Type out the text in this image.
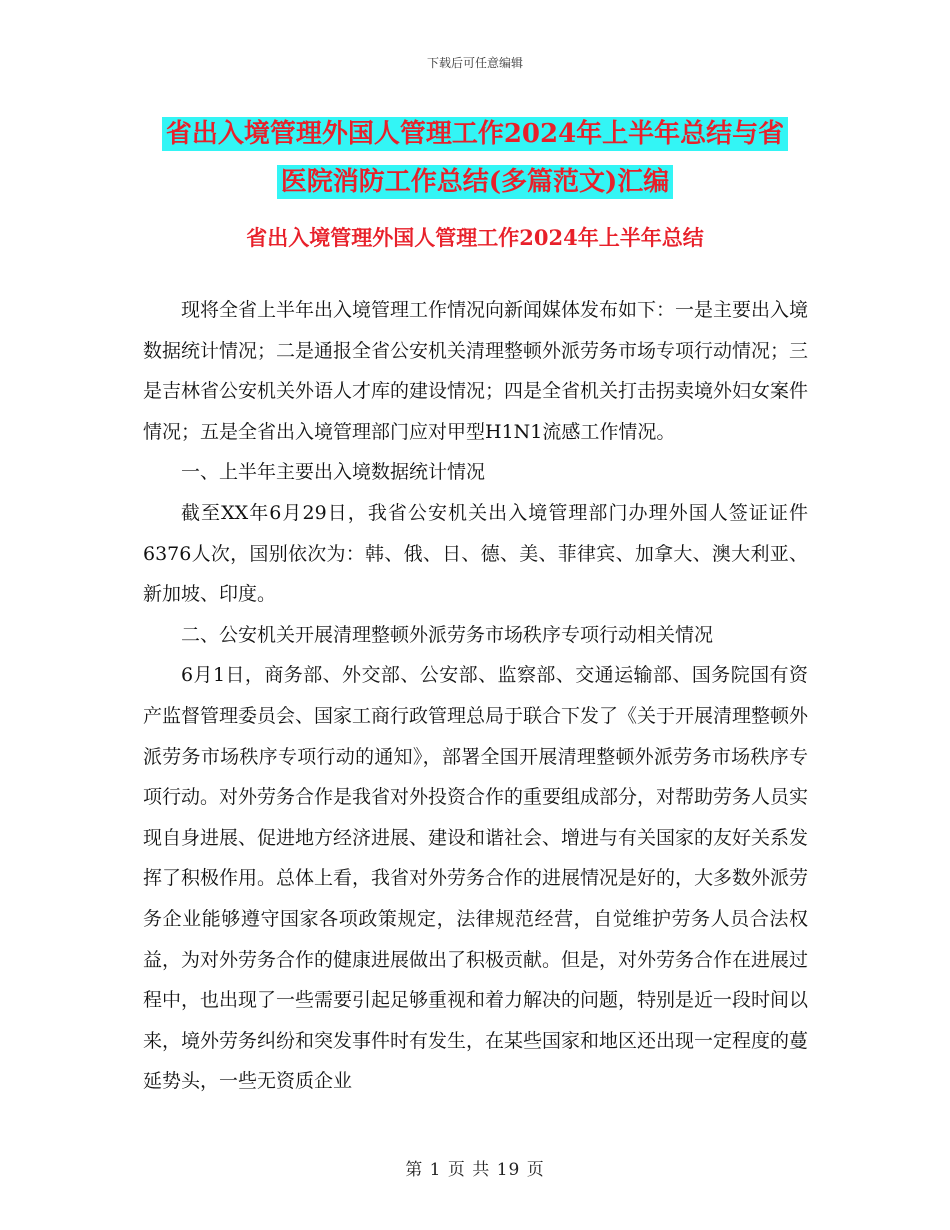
下载后可任意编辑
省出入境管理外国人管理工作2024年上半年总结与省
医院消防工作总结(多篇范文)汇编
省出入境管理外国人管理工作2024年上半年总结

现将全省上半年出入境管理工作情况向新闻媒体发布如下：一是主要出入境数据统计情况；二是通报全省公安机关清理整顿外派劳务市场专项行动情况；三是吉林省公安机关外语人才库的建设情况；四是全省机关打击拐卖境外妇女案件情况；五是全省出入境管理部门应对甲型H1N1流感工作情况。

一、上半年主要出入境数据统计情况

截至XX年6月29日，我省公安机关出入境管理部门办理外国人签证证件6376人次，国别依次为：韩、俄、日、德、美、菲律宾、加拿大、澳大利亚、新加坡、印度。

二、公安机关开展清理整顿外派劳务市场秩序专项行动相关情况

6月1日，商务部、外交部、公安部、监察部、交通运输部、国务院国有资产监督管理委员会、国家工商行政管理总局于联合下发了《关于开展清理整顿外派劳务市场秩序专项行动的通知》，部署全国开展清理整顿外派劳务市场秩序专项行动。对外劳务合作是我省对外投资合作的重要组成部分，对帮助劳务人员实现自身进展、促进地方经济进展、建设和谐社会、增进与有关国家的友好关系发挥了积极作用。总体上看，我省对外劳务合作的进展情况是好的，大多数外派劳务企业能够遵守国家各项政策规定，法律规范经营，自觉维护劳务人员合法权益，为对外劳务合作的健康进展做出了积极贡献。但是，对外劳务合作在进展过程中，也出现了一些需要引起足够重视和着力解决的问题，特别是近一段时间以来，境外劳务纠纷和突发事件时有发生，在某些国家和地区还出现一定程度的蔓延势头，一些无资质企业

第 1 页 共 19 页
